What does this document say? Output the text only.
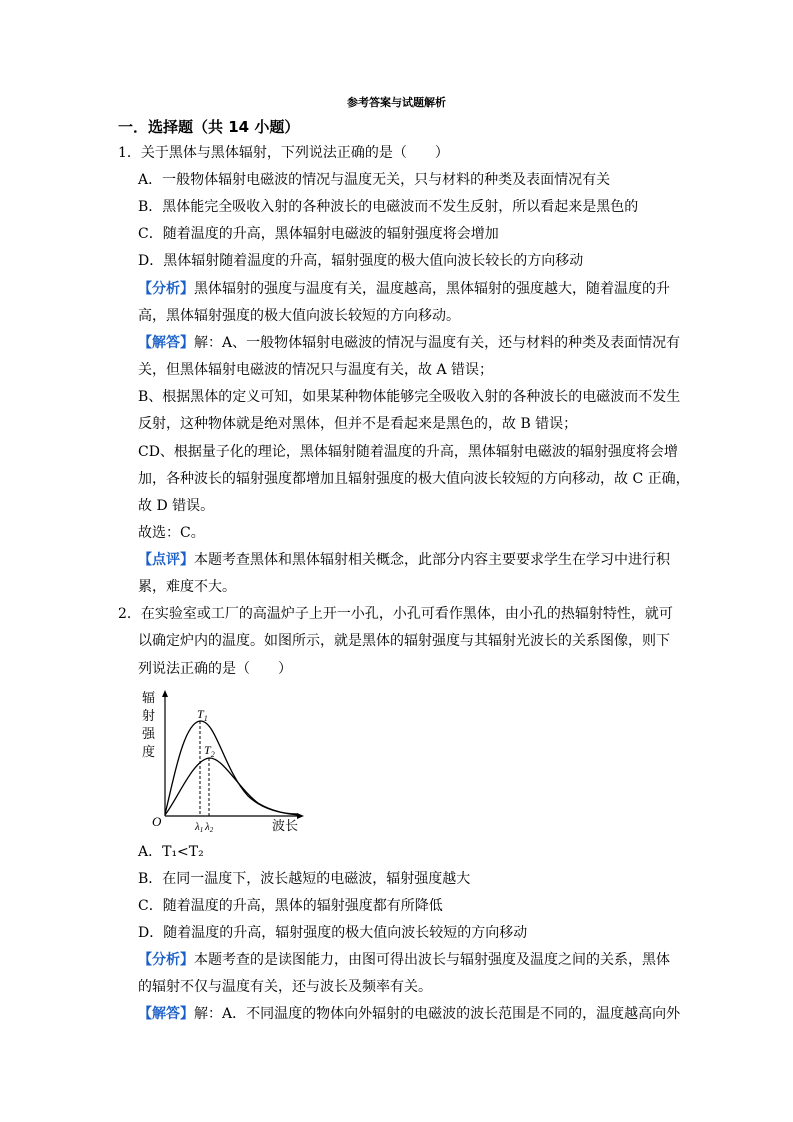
参考答案与试题解析
一．选择题（共 14 小题）
1．关于黑体与黑体辐射，下列说法正确的是（　　）
A．一般物体辐射电磁波的情况与温度无关，只与材料的种类及表面情况有关
B．黑体能完全吸收入射的各种波长的电磁波而不发生反射，所以看起来是黑色的
C．随着温度的升高，黑体辐射电磁波的辐射强度将会增加
D．黑体辐射随着温度的升高，辐射强度的极大值向波长较长的方向移动
【分析】黑体辐射的强度与温度有关，温度越高，黑体辐射的强度越大，随着温度的升
高，黑体辐射强度的极大值向波长较短的方向移动。
【解答】解：A、一般物体辐射电磁波的情况与温度有关，还与材料的种类及表面情况有
关，但黑体辐射电磁波的情况只与温度有关，故 A 错误；
B、根据黑体的定义可知，如果某种物体能够完全吸收入射的各种波长的电磁波而不发生
反射，这种物体就是绝对黑体，但并不是看起来是黑色的，故 B 错误；
CD、根据量子化的理论，黑体辐射随着温度的升高，黑体辐射电磁波的辐射强度将会增
加，各种波长的辐射强度都增加且辐射强度的极大值向波长较短的方向移动，故 C 正确，
故 D 错误。
故选：C。
【点评】本题考查黑体和黑体辐射相关概念，此部分内容主要要求学生在学习中进行积
累，难度不大。
2．在实验室或工厂的高温炉子上开一小孔，小孔可看作黑体，由小孔的热辐射特性，就可
以确定炉内的温度。如图所示，就是黑体的辐射强度与其辐射光波长的关系图像，则下
列说法正确的是（　　）
辐
射
强
度
$T_1$
$T_2$
O	λ1 λ2	波长
A．T₁<T₂
B．在同一温度下，波长越短的电磁波，辐射强度越大
C．随着温度的升高，黑体的辐射强度都有所降低
D．随着温度的升高，辐射强度的极大值向波长较短的方向移动
【分析】本题考查的是读图能力，由图可得出波长与辐射强度及温度之间的关系，黑体
的辐射不仅与温度有关，还与波长及频率有关。
【解答】解：A．不同温度的物体向外辐射的电磁波的波长范围是不同的，温度越高向外
